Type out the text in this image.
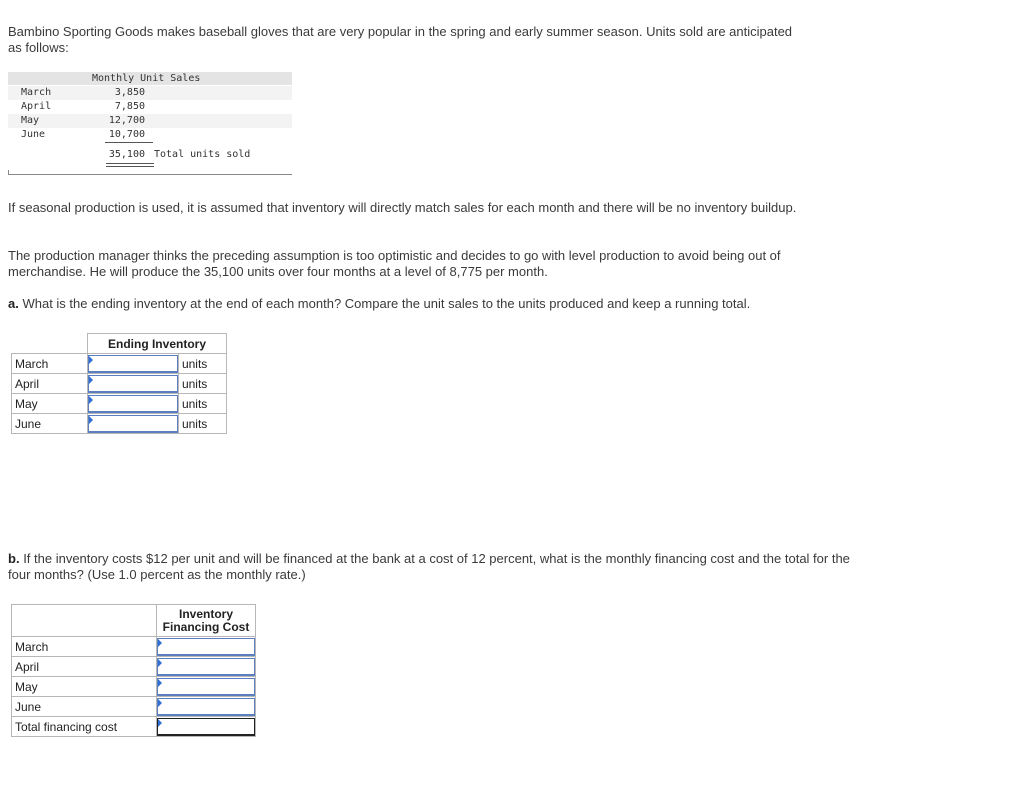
Bambino Sporting Goods makes baseball gloves that are very popular in the spring and early summer season. Units sold are anticipated as follows:

Monthly Unit Sales
March	3,850
April	7,850
May	12,700
June	10,700
35,100 Total units sold

If seasonal production is used, it is assumed that inventory will directly match sales for each month and there will be no inventory buildup.

The production manager thinks the preceding assumption is too optimistic and decides to go with level production to avoid being out of merchandise. He will produce the 35,100 units over four months at a level of 8,775 per month.

a. What is the ending inventory at the end of each month? Compare the unit sales to the units produced and keep a running total.

	Ending Inventory	
March		units
April		units
May		units
June		units

b. If the inventory costs $12 per unit and will be financed at the bank at a cost of 12 percent, what is the monthly financing cost and the total for the four months? (Use 1.0 percent as the monthly rate.)

	Inventory
Financing Cost

March	

April	

May	

June	

Total financing cost	
